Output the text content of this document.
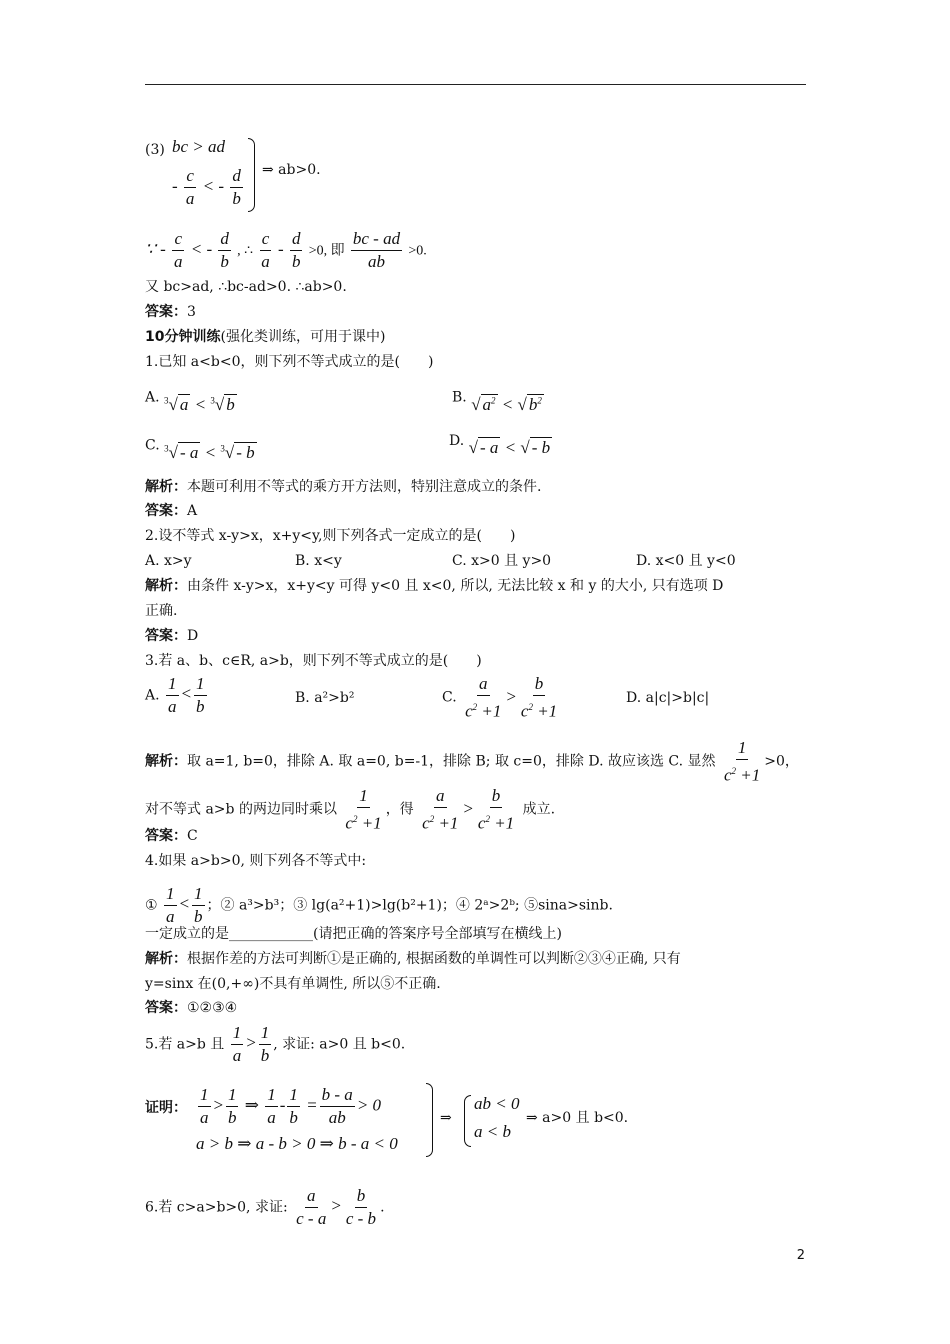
(3) bc > ad
- $\frac{c}{a}$ < - $\frac{d}{b}$ ⇒ ab>0.
∵ - $\frac{c}{a}$ < - $\frac{d}{b}$ , ∴ $\frac{c}{a} - \frac{d}{b} >0$, 即 $\frac{bc - ad}{ab} >0$.
又 bc>ad, ∴bc-ad>0. ∴ab>0.
答案：3
10分钟训练(强化类训练，可用于课中)
1.已知 a<b<0，则下列不等式成立的是(　　)
A. $^3$√ a < $^3$√ b	B. √ $a^2$ < √ $b^2$
C. $^3$√ - a < $^3$√ - b
D. √ - a < √ - b
解析：本题可利用不等式的乘方开方法则，特别注意成立的条件.
答案：A
2.设不等式 x-y>x，x+y<y,则下列各式一定成立的是(　　)
A. x>y	B. x<y	C. x>0 且 y>0	D. x<0 且 y<0
解析：由条件 x-y>x，x+y<y 可得 y<0 且 x<0, 所以, 无法比较 x 和 y 的大小, 只有选项 D
正确.
答案：D
3.若 a、b、c∈R, a>b，则下列不等式成立的是(　　)
A. $\frac{1}{a} < \frac{1}{b}$	B. a²>b²	C. $\frac{a}{c^2 +1} > \frac{b}{c^2 +1}$	D. a|c|>b|c|
解析：取 a=1, b=0，排除 A. 取 a=0, b=-1，排除 B; 取 c=0，排除 D. 故应该选 C. 显然 $\frac{1}{c^2 +1} >0$，
对不等式 a>b 的两边同时乘以 $\frac{1}{c^2 +1}$ ，得 $\frac{a}{c^2 +1} > \frac{b}{c^2 +1}$ 成立.
答案：C
4.如果 a>b>0, 则下列各不等式中:
① $\frac{1}{a} < \frac{1}{b}$ ；② a³>b³；③ lg(a²+1)>lg(b²+1)；④ 2ᵃ>2ᵇ; ⑤sina>sinb.
一定成立的是____________(请把正确的答案序号全部填写在横线上)
解析：根据作差的方法可判断①是正确的, 根据函数的单调性可以判断②③④正确, 只有
y=sinx 在(0,+∞)不具有单调性, 所以⑤不正确.
答案：①②③④
5.若 a>b 且 $\frac{1}{a} > \frac{1}{b}$ , 求证: a>0 且 b<0.
证明： $\frac{1}{a} > \frac{1}{b}$ ⇒ $\frac{1}{a} - \frac{1}{b} = \frac{b - a}{ab} > 0$
a > b ⇒ a - b > 0 ⇒ b - a < 0
⇒
ab < 0
a < b
⇒ a>0 且 b<0.
6.若 c>a>b>0, 求证: $\frac{a}{c - a} > \frac{b}{c - b}$ .
2
